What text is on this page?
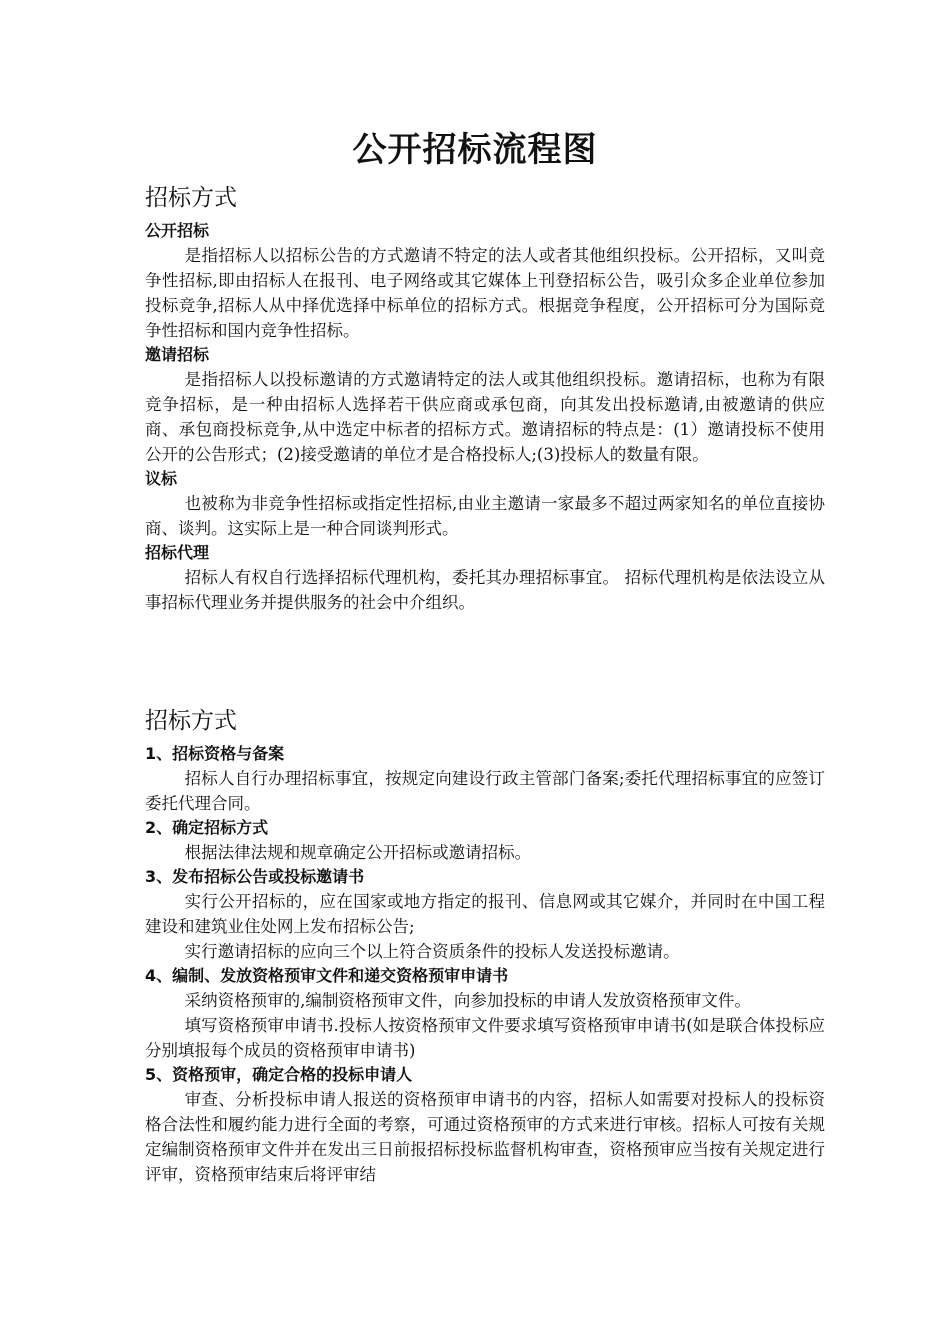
公开招标流程图
招标方式
公开招标

是指招标人以招标公告的方式邀请不特定的法人或者其他组织投标。公开招标，又叫竞争性招标,即由招标人在报刊、电子网络或其它媒体上刊登招标公告，吸引众多企业单位参加投标竞争,招标人从中择优选择中标单位的招标方式。根据竞争程度，公开招标可分为国际竞争性招标和国内竞争性招标。

邀请招标

是指招标人以投标邀请的方式邀请特定的法人或其他组织投标。邀请招标，也称为有限竞争招标，是一种由招标人选择若干供应商或承包商，向其发出投标邀请,由被邀请的供应商、承包商投标竞争,从中选定中标者的招标方式。邀请招标的特点是：(1）邀请投标不使用公开的公告形式；(2)接受邀请的单位才是合格投标人;(3)投标人的数量有限。

议标

也被称为非竞争性招标或指定性招标,由业主邀请一家最多不超过两家知名的单位直接协商、谈判。这实际上是一种合同谈判形式。

招标代理

招标人有权自行选择招标代理机构，委托其办理招标事宜。 招标代理机构是依法设立从事招标代理业务并提供服务的社会中介组织。

招标方式
1、招标资格与备案

招标人自行办理招标事宜，按规定向建设行政主管部门备案;委托代理招标事宜的应签订委托代理合同。

2、确定招标方式

根据法律法规和规章确定公开招标或邀请招标。

3、发布招标公告或投标邀请书

实行公开招标的，应在国家或地方指定的报刊、信息网或其它媒介，并同时在中国工程建设和建筑业住处网上发布招标公告;

实行邀请招标的应向三个以上符合资质条件的投标人发送投标邀请。

4、编制、发放资格预审文件和递交资格预审申请书

采纳资格预审的,编制资格预审文件，向参加投标的申请人发放资格预审文件。

填写资格预审申请书.投标人按资格预审文件要求填写资格预审申请书(如是联合体投标应分别填报每个成员的资格预审申请书)

5、资格预审，确定合格的投标申请人

审查、分析投标申请人报送的资格预审申请书的内容，招标人如需要对投标人的投标资格合法性和履约能力进行全面的考察，可通过资格预审的方式来进行审核。招标人可按有关规定编制资格预审文件并在发出三日前报招标投标监督机构审查，资格预审应当按有关规定进行评审，资格预审结束后将评审结
